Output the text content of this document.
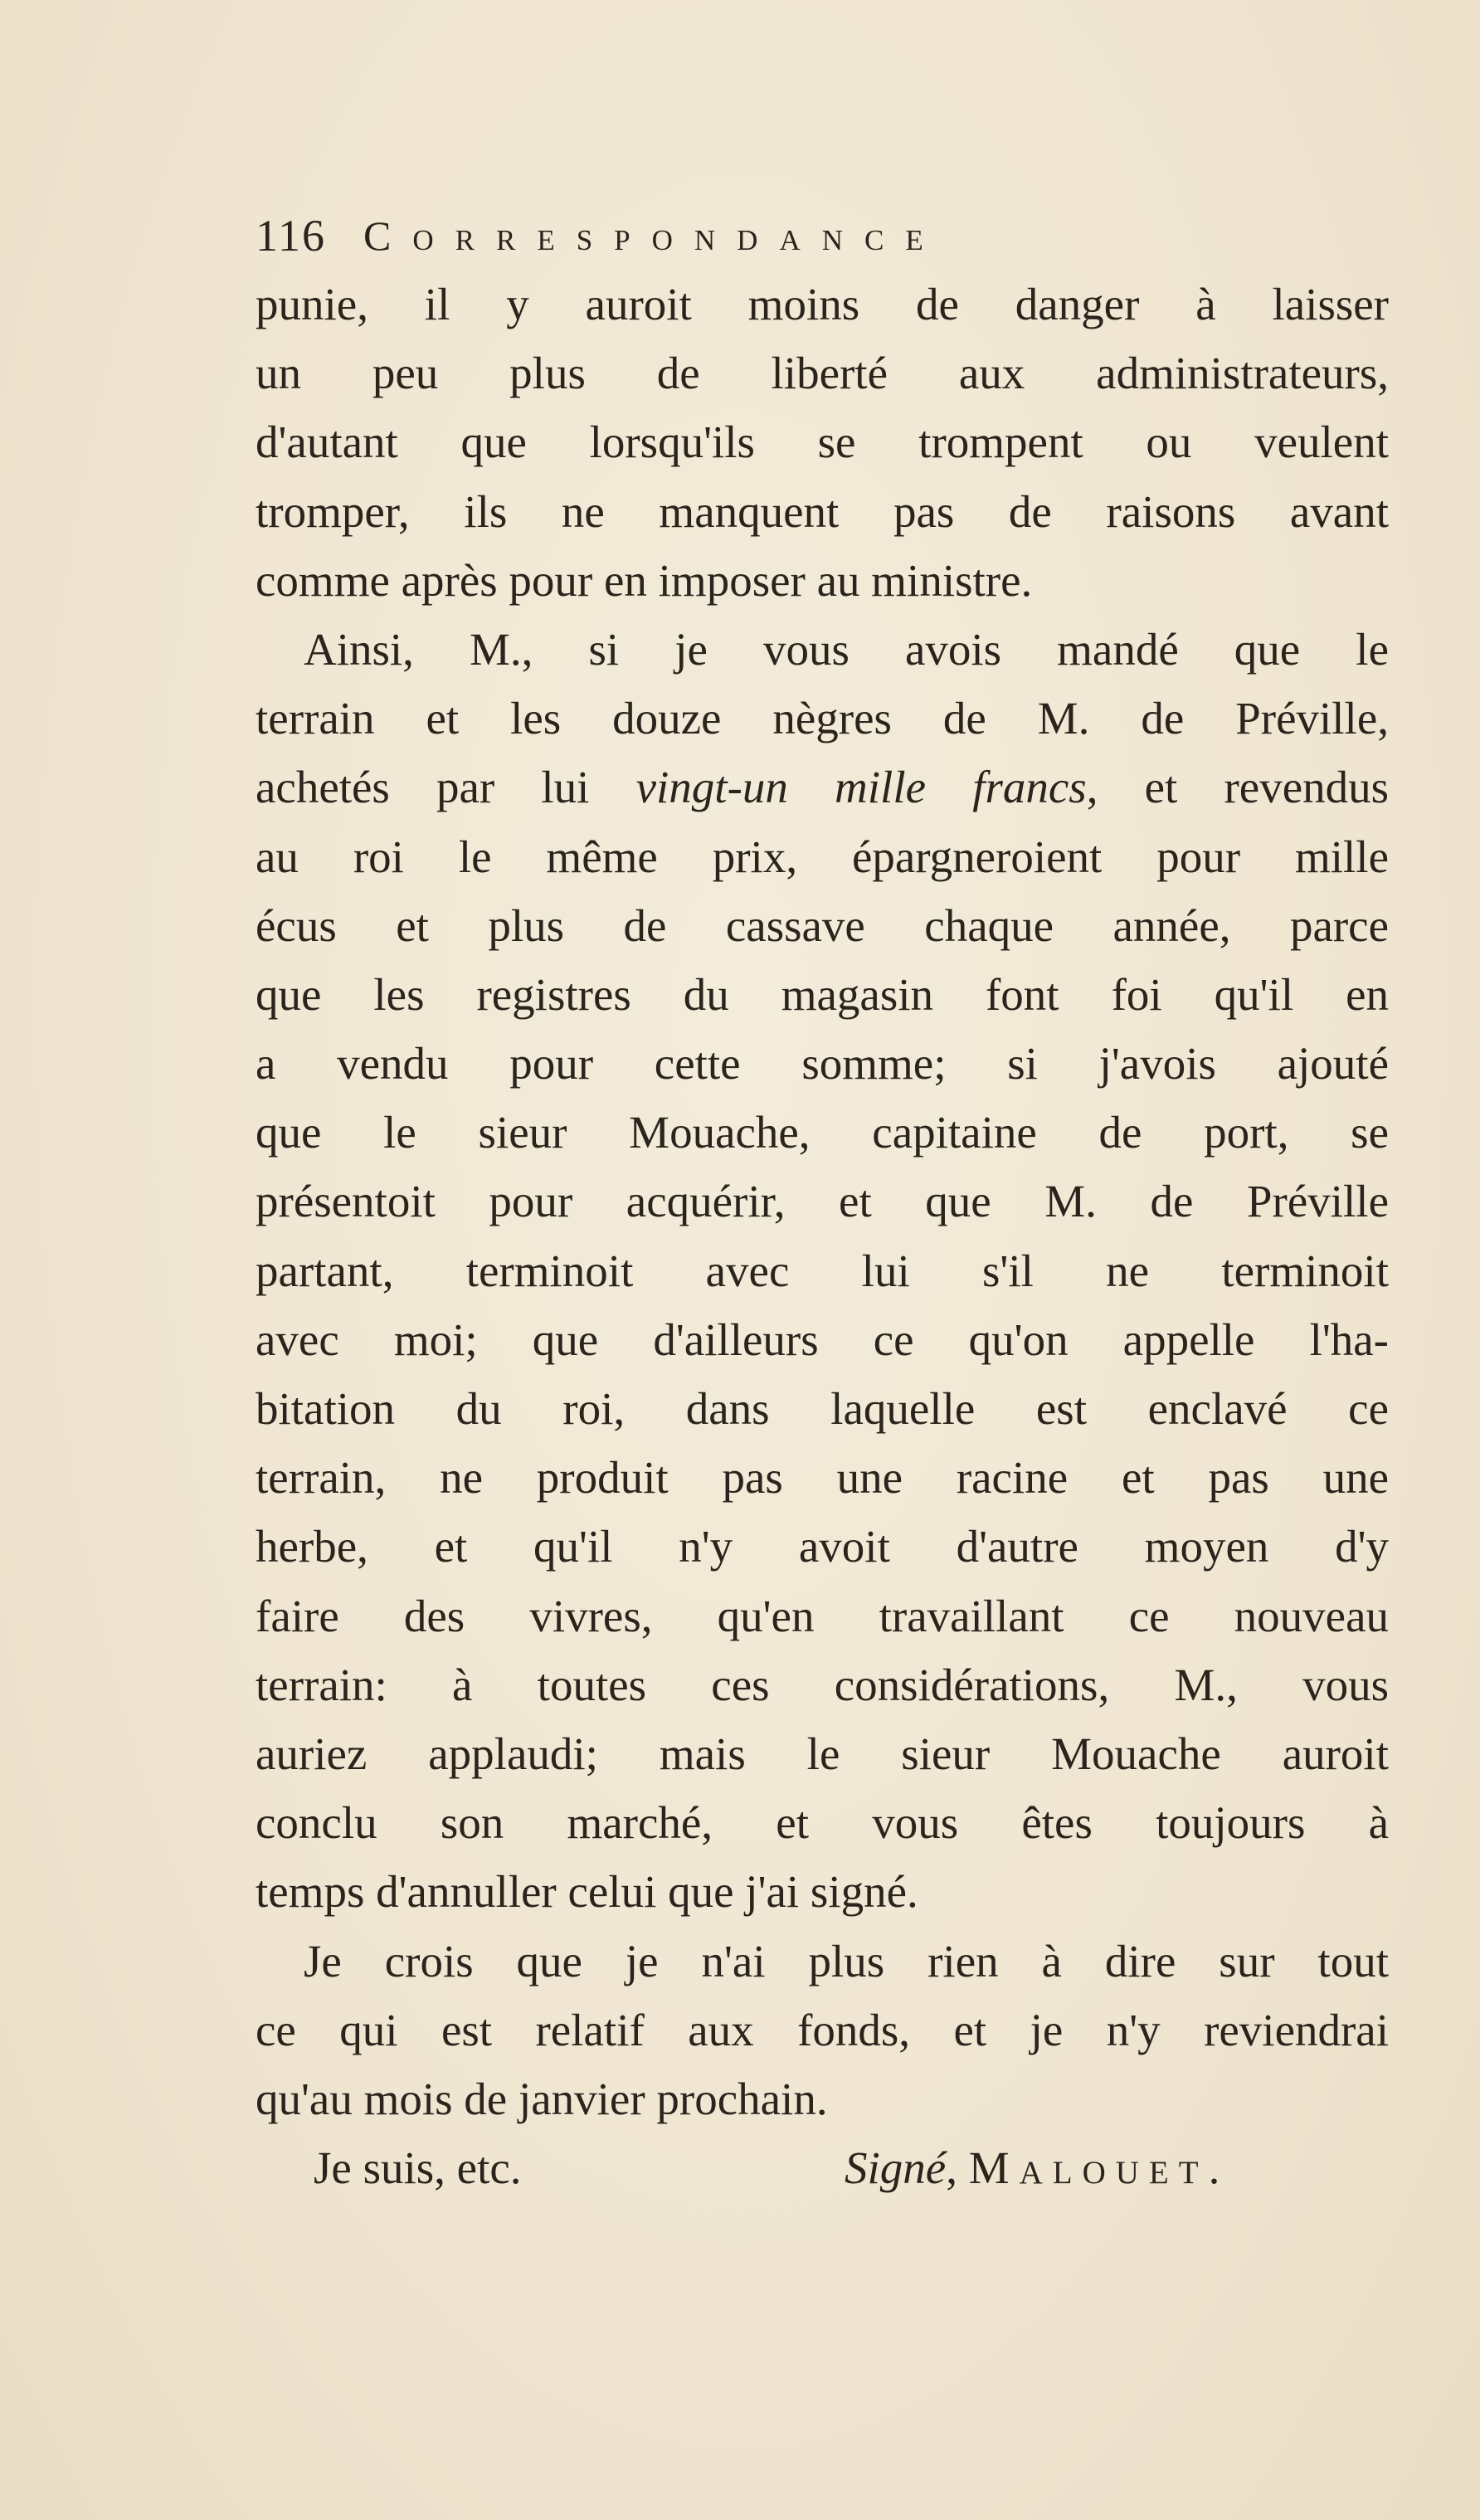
116 Correspondance
punie, il y auroit moins de danger à laisser
un peu plus de liberté aux administrateurs,
d'autant que lorsqu'ils se trompent ou veulent
tromper, ils ne manquent pas de raisons avant
comme après pour en imposer au ministre.
Ainsi, M., si je vous avois mandé que le
terrain et les douze nègres de M. de Préville,
achetés par lui vingt-un mille francs, et revendus
au roi le même prix, épargneroient pour mille
écus et plus de cassave chaque année, parce
que les registres du magasin font foi qu'il en
a vendu pour cette somme; si j'avois ajouté
que le sieur Mouache, capitaine de port, se
présentoit pour acquérir, et que M. de Préville
partant, terminoit avec lui s'il ne terminoit
avec moi; que d'ailleurs ce qu'on appelle l'ha-
bitation du roi, dans laquelle est enclavé ce
terrain, ne produit pas une racine et pas une
herbe, et qu'il n'y avoit d'autre moyen d'y
faire des vivres, qu'en travaillant ce nouveau
terrain: à toutes ces considérations, M., vous
auriez applaudi; mais le sieur Mouache auroit
conclu son marché, et vous êtes toujours à
temps d'annuller celui que j'ai signé.
Je crois que je n'ai plus rien à dire sur tout
ce qui est relatif aux fonds, et je n'y reviendrai
qu'au mois de janvier prochain.
Je suis, etc.	Signé, Malouet.
